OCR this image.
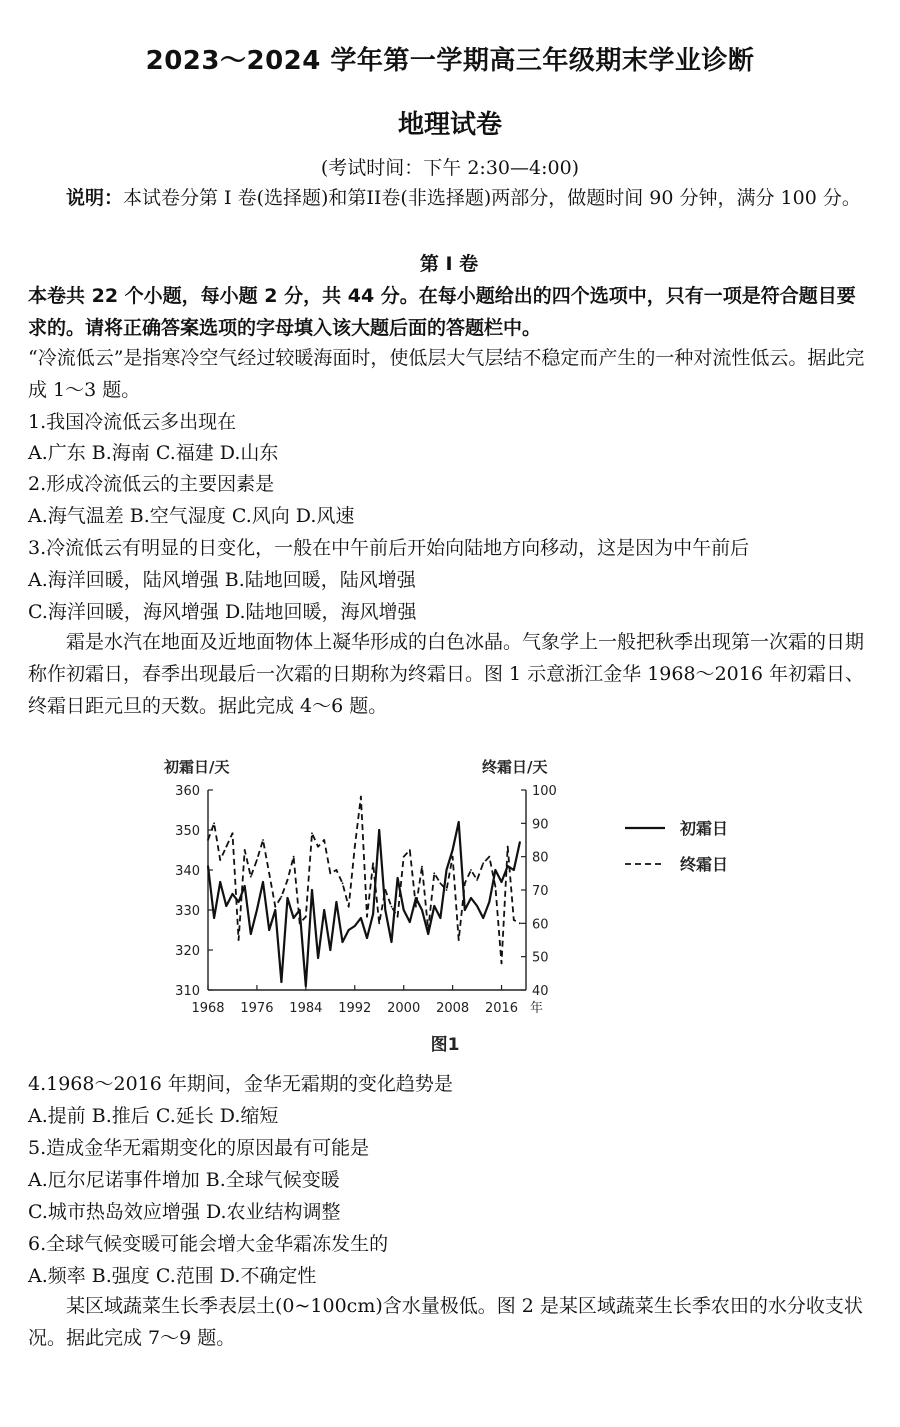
2023～2024 学年第一学期高三年级期末学业诊断
地理试卷
(考试时间：下午 2:30—4:00)
说明：本试卷分第 I 卷(选择题)和第II卷(非选择题)两部分，做题时间 90 分钟，满分 100 分。
第 I 卷
本卷共 22 个小题，每小题 2 分，共 44 分。在每小题给出的四个选项中，只有一项是符合题目要求的。请将正确答案选项的字母填入该大题后面的答题栏中。
“冷流低云”是指寒冷空气经过较暖海面时，使低层大气层结不稳定而产生的一种对流性低云。据此完成 1～3 题。
1.我国冷流低云多出现在
A.广东 B.海南 C.福建 D.山东
2.形成冷流低云的主要因素是
A.海气温差 B.空气湿度 C.风向 D.风速
3.冷流低云有明显的日变化，一般在中午前后开始向陆地方向移动，这是因为中午前后
A.海洋回暖，陆风增强 B.陆地回暖，陆风增强
C.海洋回暖，海风增强 D.陆地回暖，海风增强
霜是水汽在地面及近地面物体上凝华形成的白色冰晶。气象学上一般把秋季出现第一次霜的日期称作初霜日，春季出现最后一次霜的日期称为终霜日。图 1 示意浙江金华 1968～2016 年初霜日、终霜日距元旦的天数。据此完成 4～6 题。
初霜日/天	终霜日/天
310
320
330
340
350
360
40
50
60
70
80
90
100
1968 1976 1984 1992 2000 2008 2016 年
初霜日
终霜日
图1
4.1968～2016 年期间，金华无霜期的变化趋势是
A.提前 B.推后 C.延长 D.缩短
5.造成金华无霜期变化的原因最有可能是
A.厄尔尼诺事件增加 B.全球气候变暖
C.城市热岛效应增强 D.农业结构调整
6.全球气候变暖可能会增大金华霜冻发生的
A.频率 B.强度 C.范围 D.不确定性
某区域蔬菜生长季表层土(0~100cm)含水量极低。图 2 是某区域蔬菜生长季农田的水分收支状况。据此完成 7～9 题。
